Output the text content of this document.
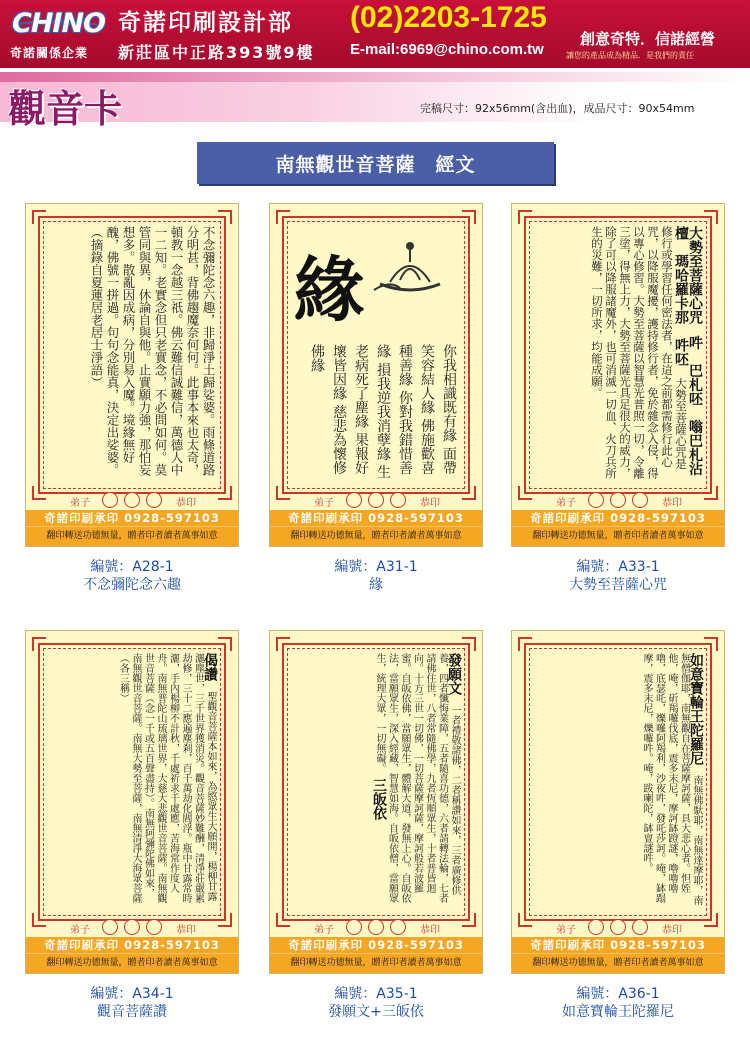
CHINO
奇諾關係企業
奇諾印刷設計部 (02)2203-1725
新莊區中正路393號9樓 E-mail:6969@chino.com.tw
創意奇特．信諾經營
讓您的產品成為精品．是我們的責任
觀音卡	完稿尺寸：92x56mm(含出血)，成品尺寸：90x54mm
南無觀世音菩薩　經文
不念彌陀念六趣，非歸淨土歸娑婆。雨條道路分明甚，背佛趨魔奈何何。此事本來也太奇，頓教一念越三祇。佛云難信誠難信，萬德人中一二知。老實念但只老實念，不必問如何。莫管同與異，休論自與他。止實願力強，那怕妄想多。散亂因成病，分別易入魔。境緣無好醜，佛號一拼過。句句念能真，決定出娑婆。（摘錄自夏蓮居老居士淨語）
弟子	恭印
奇諾印刷承印 0928-597103
翻印轉送功德無量，贈者印者讀者萬事如意
編號：A28-1
不念彌陀念六趣
緣
你我相識既有緣 面帶笑容結人緣 佛施歡喜種善緣 你對我錯惜善緣 損我逆我消孽緣 生老病死了塵緣 果報好壞皆因緣 慈悲為懷修佛緣
弟子	恭印
奇諾印刷承印 0928-597103
翻印轉送功德無量，贈者印者讀者萬事如意
編號：A31-1
緣
大勢至菩薩心咒　吽　巴札呸　嗡巴札沾檀　瑪哈羅卡那　吽呸　大勢至菩薩心咒是修行或學習任何密法者，在這之前都需修行此心咒，以降服魔擾，護持修行者，免於雜念入侵，得以專心修習。大勢至菩薩以智慧光普照一切，令離三塗，得無上力，大勢至菩薩光具足很大的威力，除了可以降服諸魔外，也可消滅一切血、火刀兵所生的災難，一切所求，均能成願。
弟子	恭印
奇諾印刷承印 0928-597103
翻印轉送功德無量，贈者印者讀者萬事如意
編號：A33-1
大勢至菩薩心咒
偈讚　聖觀音菩薩本如來，為愍眾生大願開，楊柳甘露灑塵世，三千世界獲消災。觀音菩薩妙難酬，清淨莊嚴累劫修，三十二應遍塵剎，百千萬劫化閻浮。瓶中甘露常時灑，手內楊柳不計秋，千處祈求千處應，苦海常作度人舟。南無普陀山琉璃世界，大慈大悲觀世音菩薩。南無觀世音菩薩（念一千或五百聲盡持）。南無阿彌陀佛如來，南無觀世音菩薩。南無大勢至菩薩，南無清淨大海眾菩薩（各三稱）
弟子	恭印
奇諾印刷承印 0928-597103
翻印轉送功德無量，贈者印者讀者萬事如意
編號：A34-1
觀音菩薩讚
發願文　一者禮敬諸佛，二者稱讚如來，三者廣修供養，四者懺悔業障，五者隨喜功德，六者請轉法輪，七者請佛住世，八者常隨佛學，九者恆順眾生，十者普皆迴向。十方三世一切佛，一切菩薩摩訶薩，摩訶般若波羅蜜。自皈依佛，當願眾生，體解大道，發無上心。自皈依法，當願眾生，深入經藏，智慧如海。自皈依僧，當願眾生，統理大眾，一切無礙。　三皈依
弟子	恭印
奇諾印刷承印 0928-597103
翻印轉送功德無量，贈者印者讀者萬事如意
編號：A35-1
發願文+三皈依
如意寶輪王陀羅尼　南無佛馱耶，南無達摩耶，南無僧伽耶，南無觀自在菩薩摩訶薩，具大悲心者。怛姪他，唵，斫羯囉伐底，震多末尼，摩訶缽蹬謎，嚕嚕嚕嚕，底瑟吒，爍囉阿羯利，沙夜吽，發吒莎訶。唵，缽蹋摩，震多末尼，爍囉吽。唵，跋喇陀，缽亶謎吽。
弟子	恭印
奇諾印刷承印 0928-597103
翻印轉送功德無量，贈者印者讀者萬事如意
編號：A36-1
如意寶輪王陀羅尼
